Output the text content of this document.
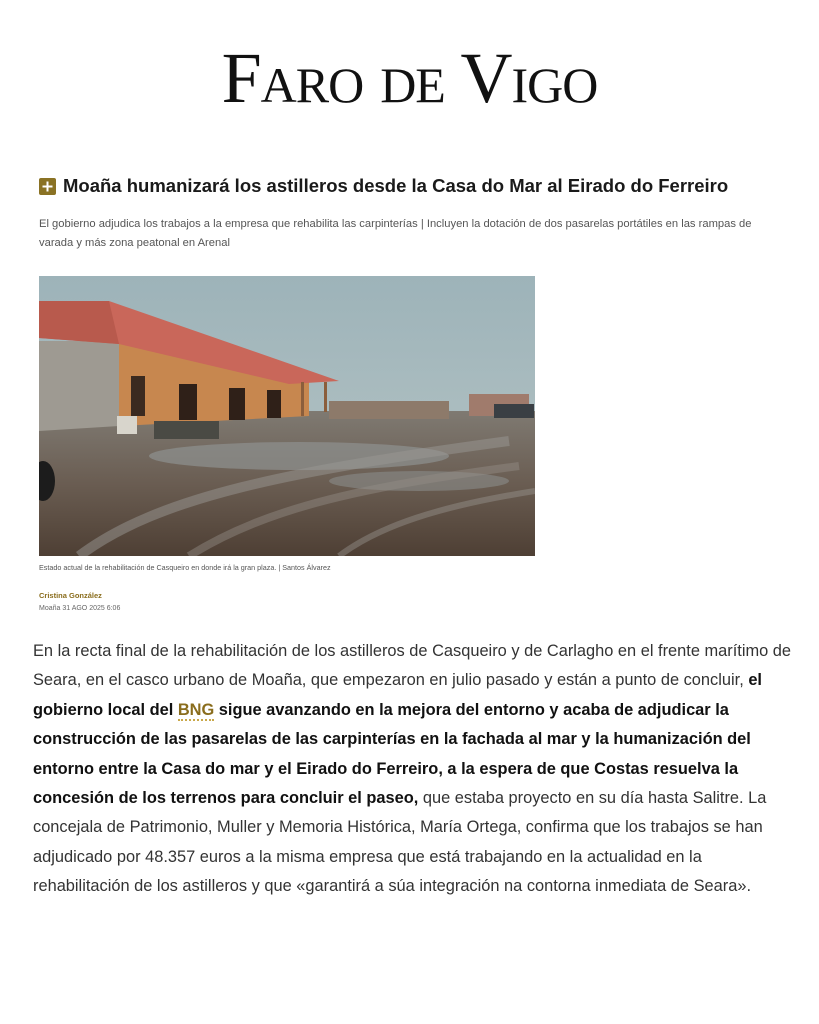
Faro de Vigo
Moaña humanizará los astilleros desde la Casa do Mar al Eirado do Ferreiro

El gobierno adjudica los trabajos a la empresa que rehabilita las carpinterías | Incluyen la dotación de dos pasarelas portátiles en las rampas de varada y más zona peatonal en Arenal

Estado actual de la rehabilitación de Casqueiro en donde irá la gran plaza. | Santos Álvarez
Cristina González
Moaña 31 AGO 2025 6:06

En la recta final de la rehabilitación de los astilleros de Casqueiro y de Carlagho en el frente marítimo de Seara, en el casco urbano de Moaña, que empezaron en julio pasado y están a punto de concluir, el gobierno local del BNG sigue avanzando en la mejora del entorno y acaba de adjudicar la construcción de las pasarelas de las carpinterías en la fachada al mar y la humanización del entorno entre la Casa do mar y el Eirado do Ferreiro, a la espera de que Costas resuelva la concesión de los terrenos para concluir el paseo, que estaba proyecto en su día hasta Salitre. La concejala de Patrimonio, Muller y Memoria Histórica, María Ortega, confirma que los trabajos se han adjudicado por 48.357 euros a la misma empresa que está trabajando en la actualidad en la rehabilitación de los astilleros y que «garantirá a súa integración na contorna inmediata de Seara».
